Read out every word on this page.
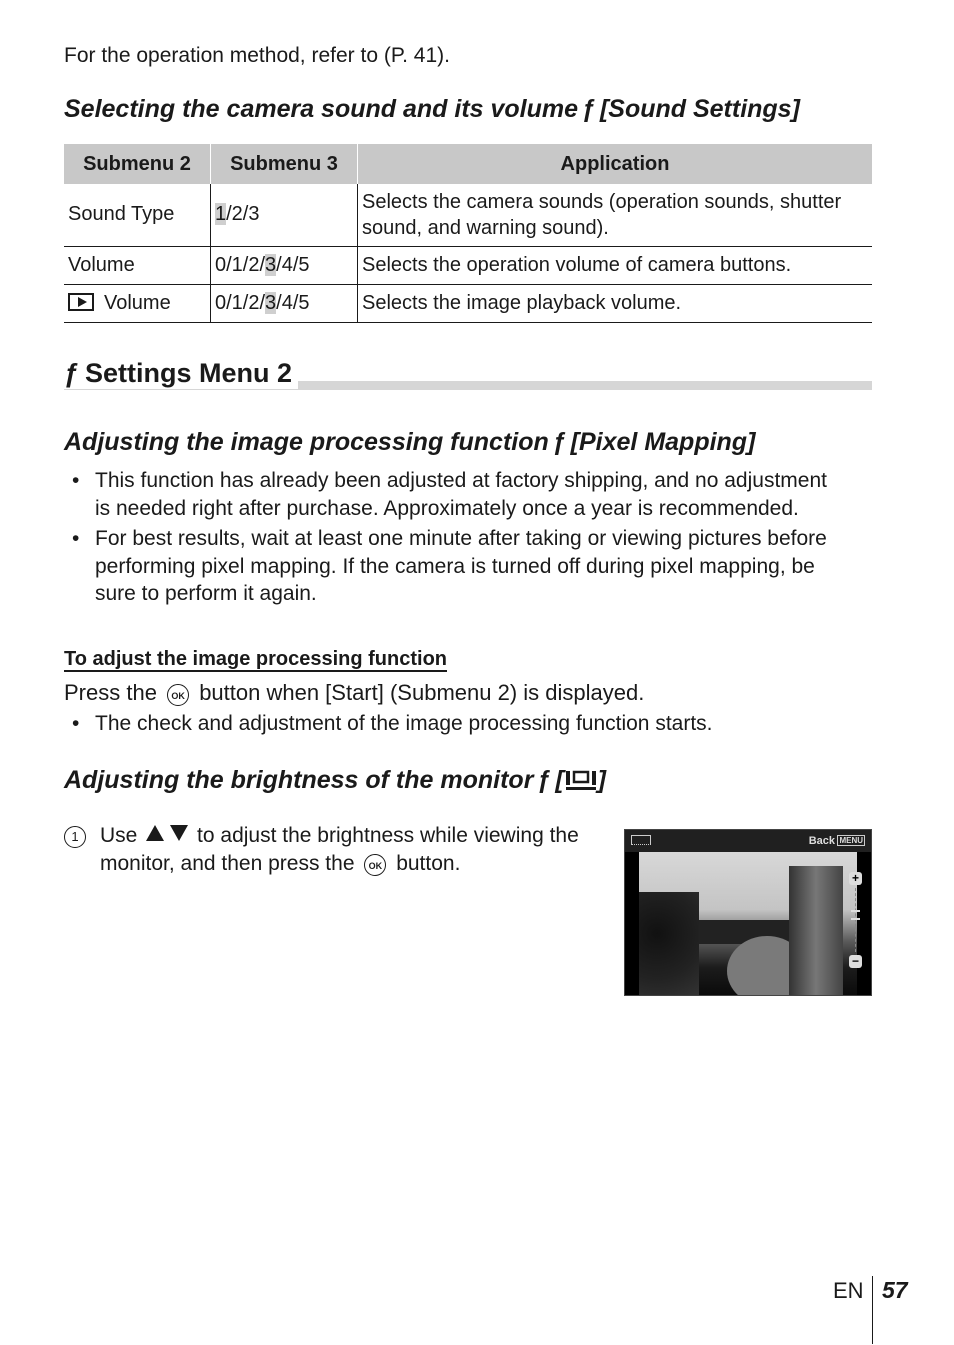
For the operation method, refer to (P. 41).
Selecting the camera sound and its volume ƒ [Sound Settings]
Submenu 2	Submenu 3	Application
Sound Type	1/2/3	Selects the camera sounds (operation sounds, shutter sound, and warning sound).
Volume	0/1/2/3/4/5	Selects the operation volume of camera buttons.
Volume	0/1/2/3/4/5	Selects the image playback volume.
ƒ Settings Menu 2
Adjusting the image processing function ƒ [Pixel Mapping]
• This function has already been adjusted at factory shipping, and no adjustment is needed right after purchase. Approximately once a year is recommended.
• For best results, wait at least one minute after taking or viewing pictures before performing pixel mapping. If the camera is turned off during pixel mapping, be sure to perform it again.
To adjust the image processing function
Press the OK button when [Start] (Submenu 2) is displayed.
• The check and adjustment of the image processing function starts.
Adjusting the brightness of the monitor ƒ [ ]
1	Use	to adjust the brightness while viewing the monitor, and then press the OK button.
Back MENU
+
−
EN 57
